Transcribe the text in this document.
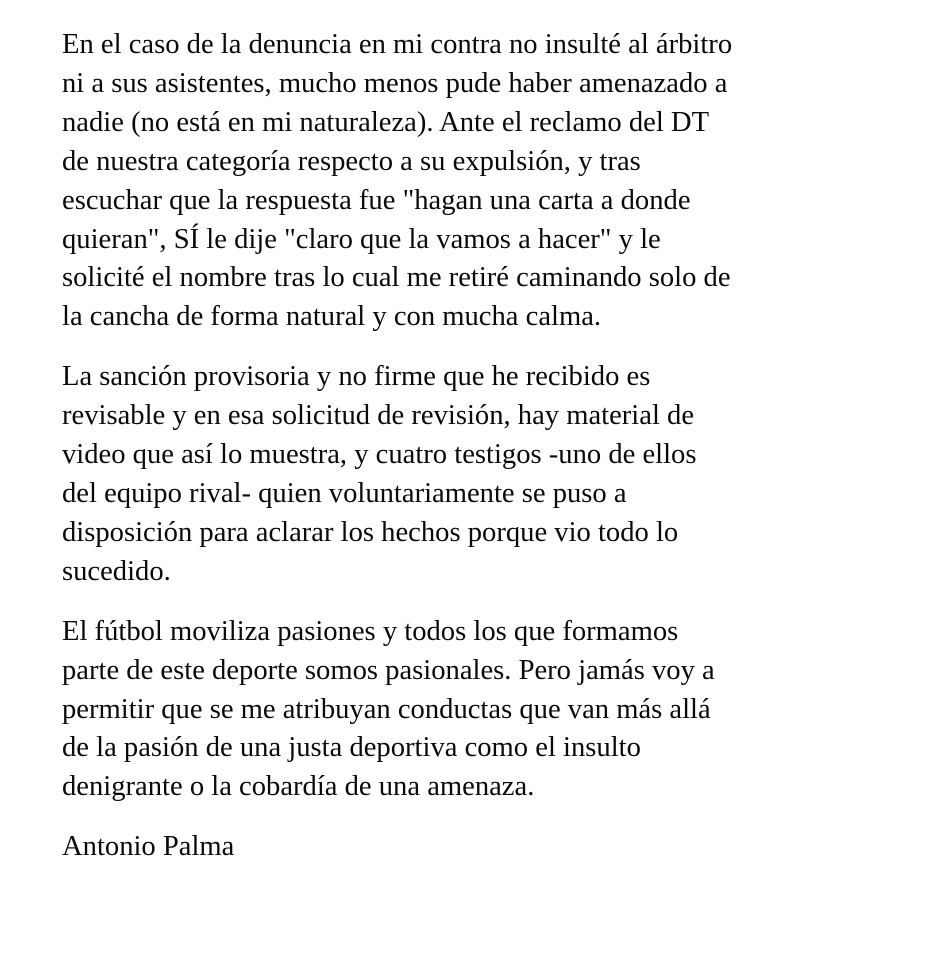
En el caso de la denuncia en mi contra no insulté al árbitro
ni a sus asistentes, mucho menos pude haber amenazado a
nadie (no está en mi naturaleza). Ante el reclamo del DT
de nuestra categoría respecto a su expulsión, y tras
escuchar que la respuesta fue "hagan una carta a donde
quieran", SÍ le dije "claro que la vamos a hacer" y le
solicité el nombre tras lo cual me retiré caminando solo de
la cancha de forma natural y con mucha calma.

La sanción provisoria y no firme que he recibido es
revisable y en esa solicitud de revisión, hay material de
video que así lo muestra, y cuatro testigos -uno de ellos
del equipo rival- quien voluntariamente se puso a
disposición para aclarar los hechos porque vio todo lo
sucedido.

El fútbol moviliza pasiones y todos los que formamos
parte de este deporte somos pasionales. Pero jamás voy a
permitir que se me atribuyan conductas que van más allá
de la pasión de una justa deportiva como el insulto
denigrante o la cobardía de una amenaza.

Antonio Palma
